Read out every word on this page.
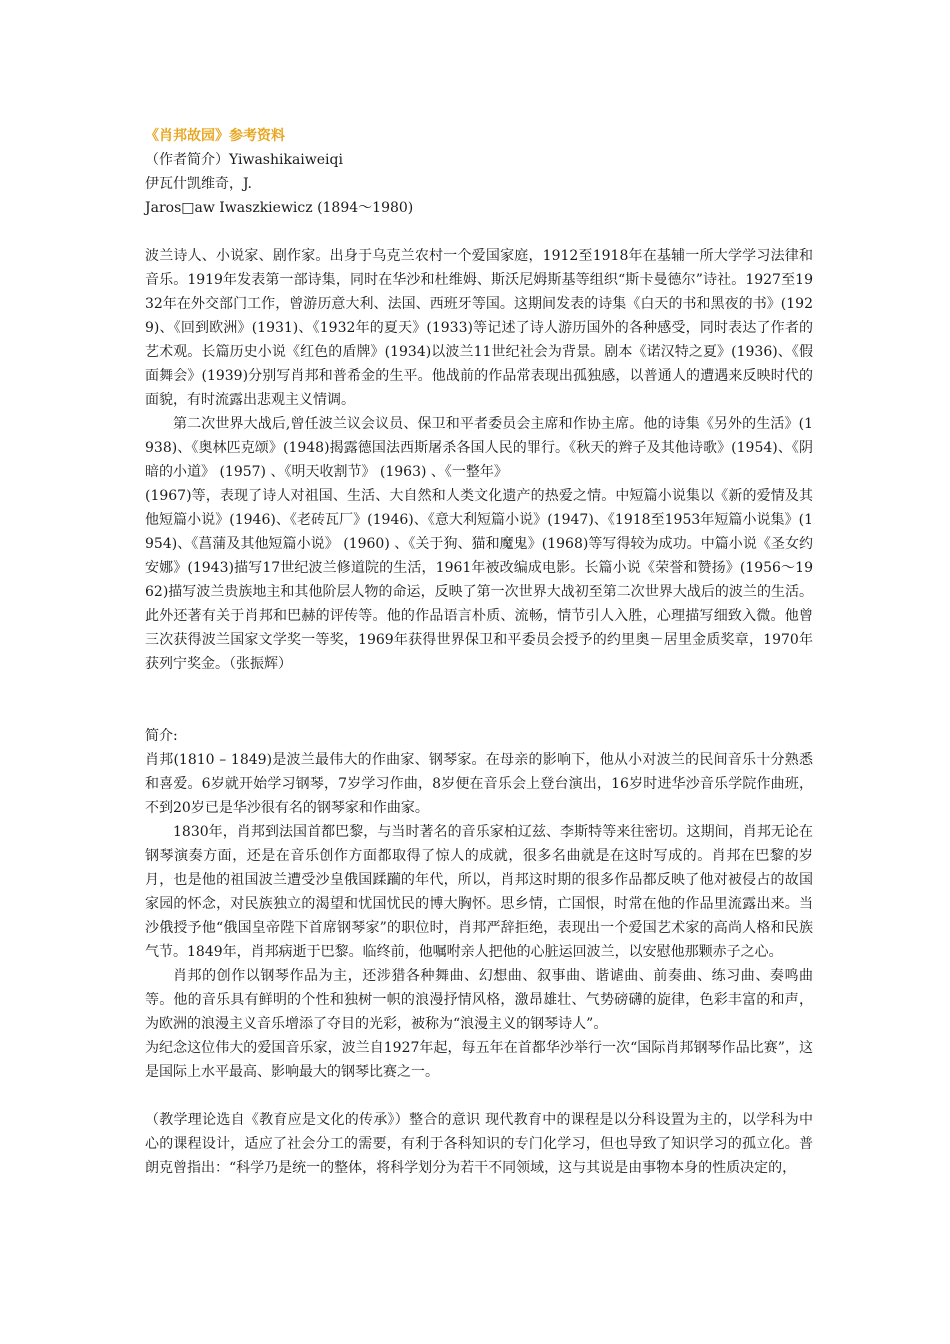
《肖邦故园》参考资料

（作者简介）Yiwashikaiweiqi

伊瓦什凯维奇，J.

Jaros□aw Iwaszkiewicz (1894～1980)

波兰诗人、小说家、剧作家。出身于乌克兰农村一个爱国家庭，1912至1918年在基辅一所大学学习法律和音乐。1919年发表第一部诗集，同时在华沙和杜维姆、斯沃尼姆斯基等组织“斯卡曼德尔”诗社。1927至1932年在外交部门工作，曾游历意大利、法国、西班牙等国。这期间发表的诗集《白天的书和黑夜的书》(1929)、《回到欧洲》(1931)、《1932年的夏天》(1933)等记述了诗人游历国外的各种感受，同时表达了作者的艺术观。长篇历史小说《红色的盾牌》(1934)以波兰11世纪社会为背景。剧本《诺汉特之夏》(1936)、《假面舞会》(1939)分别写肖邦和普希金的生平。他战前的作品常表现出孤独感，以普通人的遭遇来反映时代的面貌，有时流露出悲观主义情调。

第二次世界大战后,曾任波兰议会议员、保卫和平者委员会主席和作协主席。他的诗集《另外的生活》(1938)、《奥林匹克颂》(1948)揭露德国法西斯屠杀各国人民的罪行。《秋天的辫子及其他诗歌》(1954)、《阴暗的小道》 (1957) 、《明天收割节》 (1963) 、《一整年》

(1967)等，表现了诗人对祖国、生活、大自然和人类文化遗产的热爱之情。中短篇小说集以《新的爱情及其他短篇小说》(1946)、《老砖瓦厂》(1946)、《意大利短篇小说》(1947)、《1918至1953年短篇小说集》(1954)、《菖蒲及其他短篇小说》 (1960) 、《关于狗、猫和魔鬼》(1968)等写得较为成功。中篇小说《圣女约安娜》(1943)描写17世纪波兰修道院的生活，1961年被改编成电影。长篇小说《荣誉和赞扬》(1956～1962)描写波兰贵族地主和其他阶层人物的命运，反映了第一次世界大战初至第二次世界大战后的波兰的生活。此外还著有关于肖邦和巴赫的评传等。他的作品语言朴质、流畅，情节引人入胜，心理描写细致入微。他曾三次获得波兰国家文学奖一等奖，1969年获得世界保卫和平委员会授予的约里奥－居里金质奖章，1970年获列宁奖金。（张振辉）

简介:

肖邦(1810 – 1849)是波兰最伟大的作曲家、钢琴家。在母亲的影响下，他从小对波兰的民间音乐十分熟悉和喜爱。6岁就开始学习钢琴，7岁学习作曲，8岁便在音乐会上登台演出，16岁时进华沙音乐学院作曲班，不到20岁已是华沙很有名的钢琴家和作曲家。

1830年，肖邦到法国首都巴黎，与当时著名的音乐家柏辽兹、李斯特等来往密切。这期间，肖邦无论在钢琴演奏方面，还是在音乐创作方面都取得了惊人的成就，很多名曲就是在这时写成的。肖邦在巴黎的岁月，也是他的祖国波兰遭受沙皇俄国蹂躏的年代，所以，肖邦这时期的很多作品都反映了他对被侵占的故国家园的怀念，对民族独立的渴望和忧国忧民的博大胸怀。思乡情，亡国恨，时常在他的作品里流露出来。当沙俄授予他“俄国皇帝陛下首席钢琴家”的职位时，肖邦严辞拒绝，表现出一个爱国艺术家的高尚人格和民族气节。1849年，肖邦病逝于巴黎。临终前，他嘱咐亲人把他的心脏运回波兰，以安慰他那颗赤子之心。

肖邦的创作以钢琴作品为主，还涉猎各种舞曲、幻想曲、叙事曲、谐谑曲、前奏曲、练习曲、奏鸣曲等。他的音乐具有鲜明的个性和独树一帜的浪漫抒情风格，激昂雄壮、气势磅礴的旋律，色彩丰富的和声，为欧洲的浪漫主义音乐增添了夺目的光彩，被称为“浪漫主义的钢琴诗人”。

为纪念这位伟大的爱国音乐家，波兰自1927年起，每五年在首都华沙举行一次“国际肖邦钢琴作品比赛”，这是国际上水平最高、影响最大的钢琴比赛之一。

（教学理论选自《教育应是文化的传承》）整合的意识 现代教育中的课程是以分科设置为主的，以学科为中心的课程设计，适应了社会分工的需要，有利于各科知识的专门化学习，但也导致了知识学习的孤立化。普朗克曾指出：“科学乃是统一的整体，将科学划分为若干不同领域，这与其说是由事物本身的性质决定的，
